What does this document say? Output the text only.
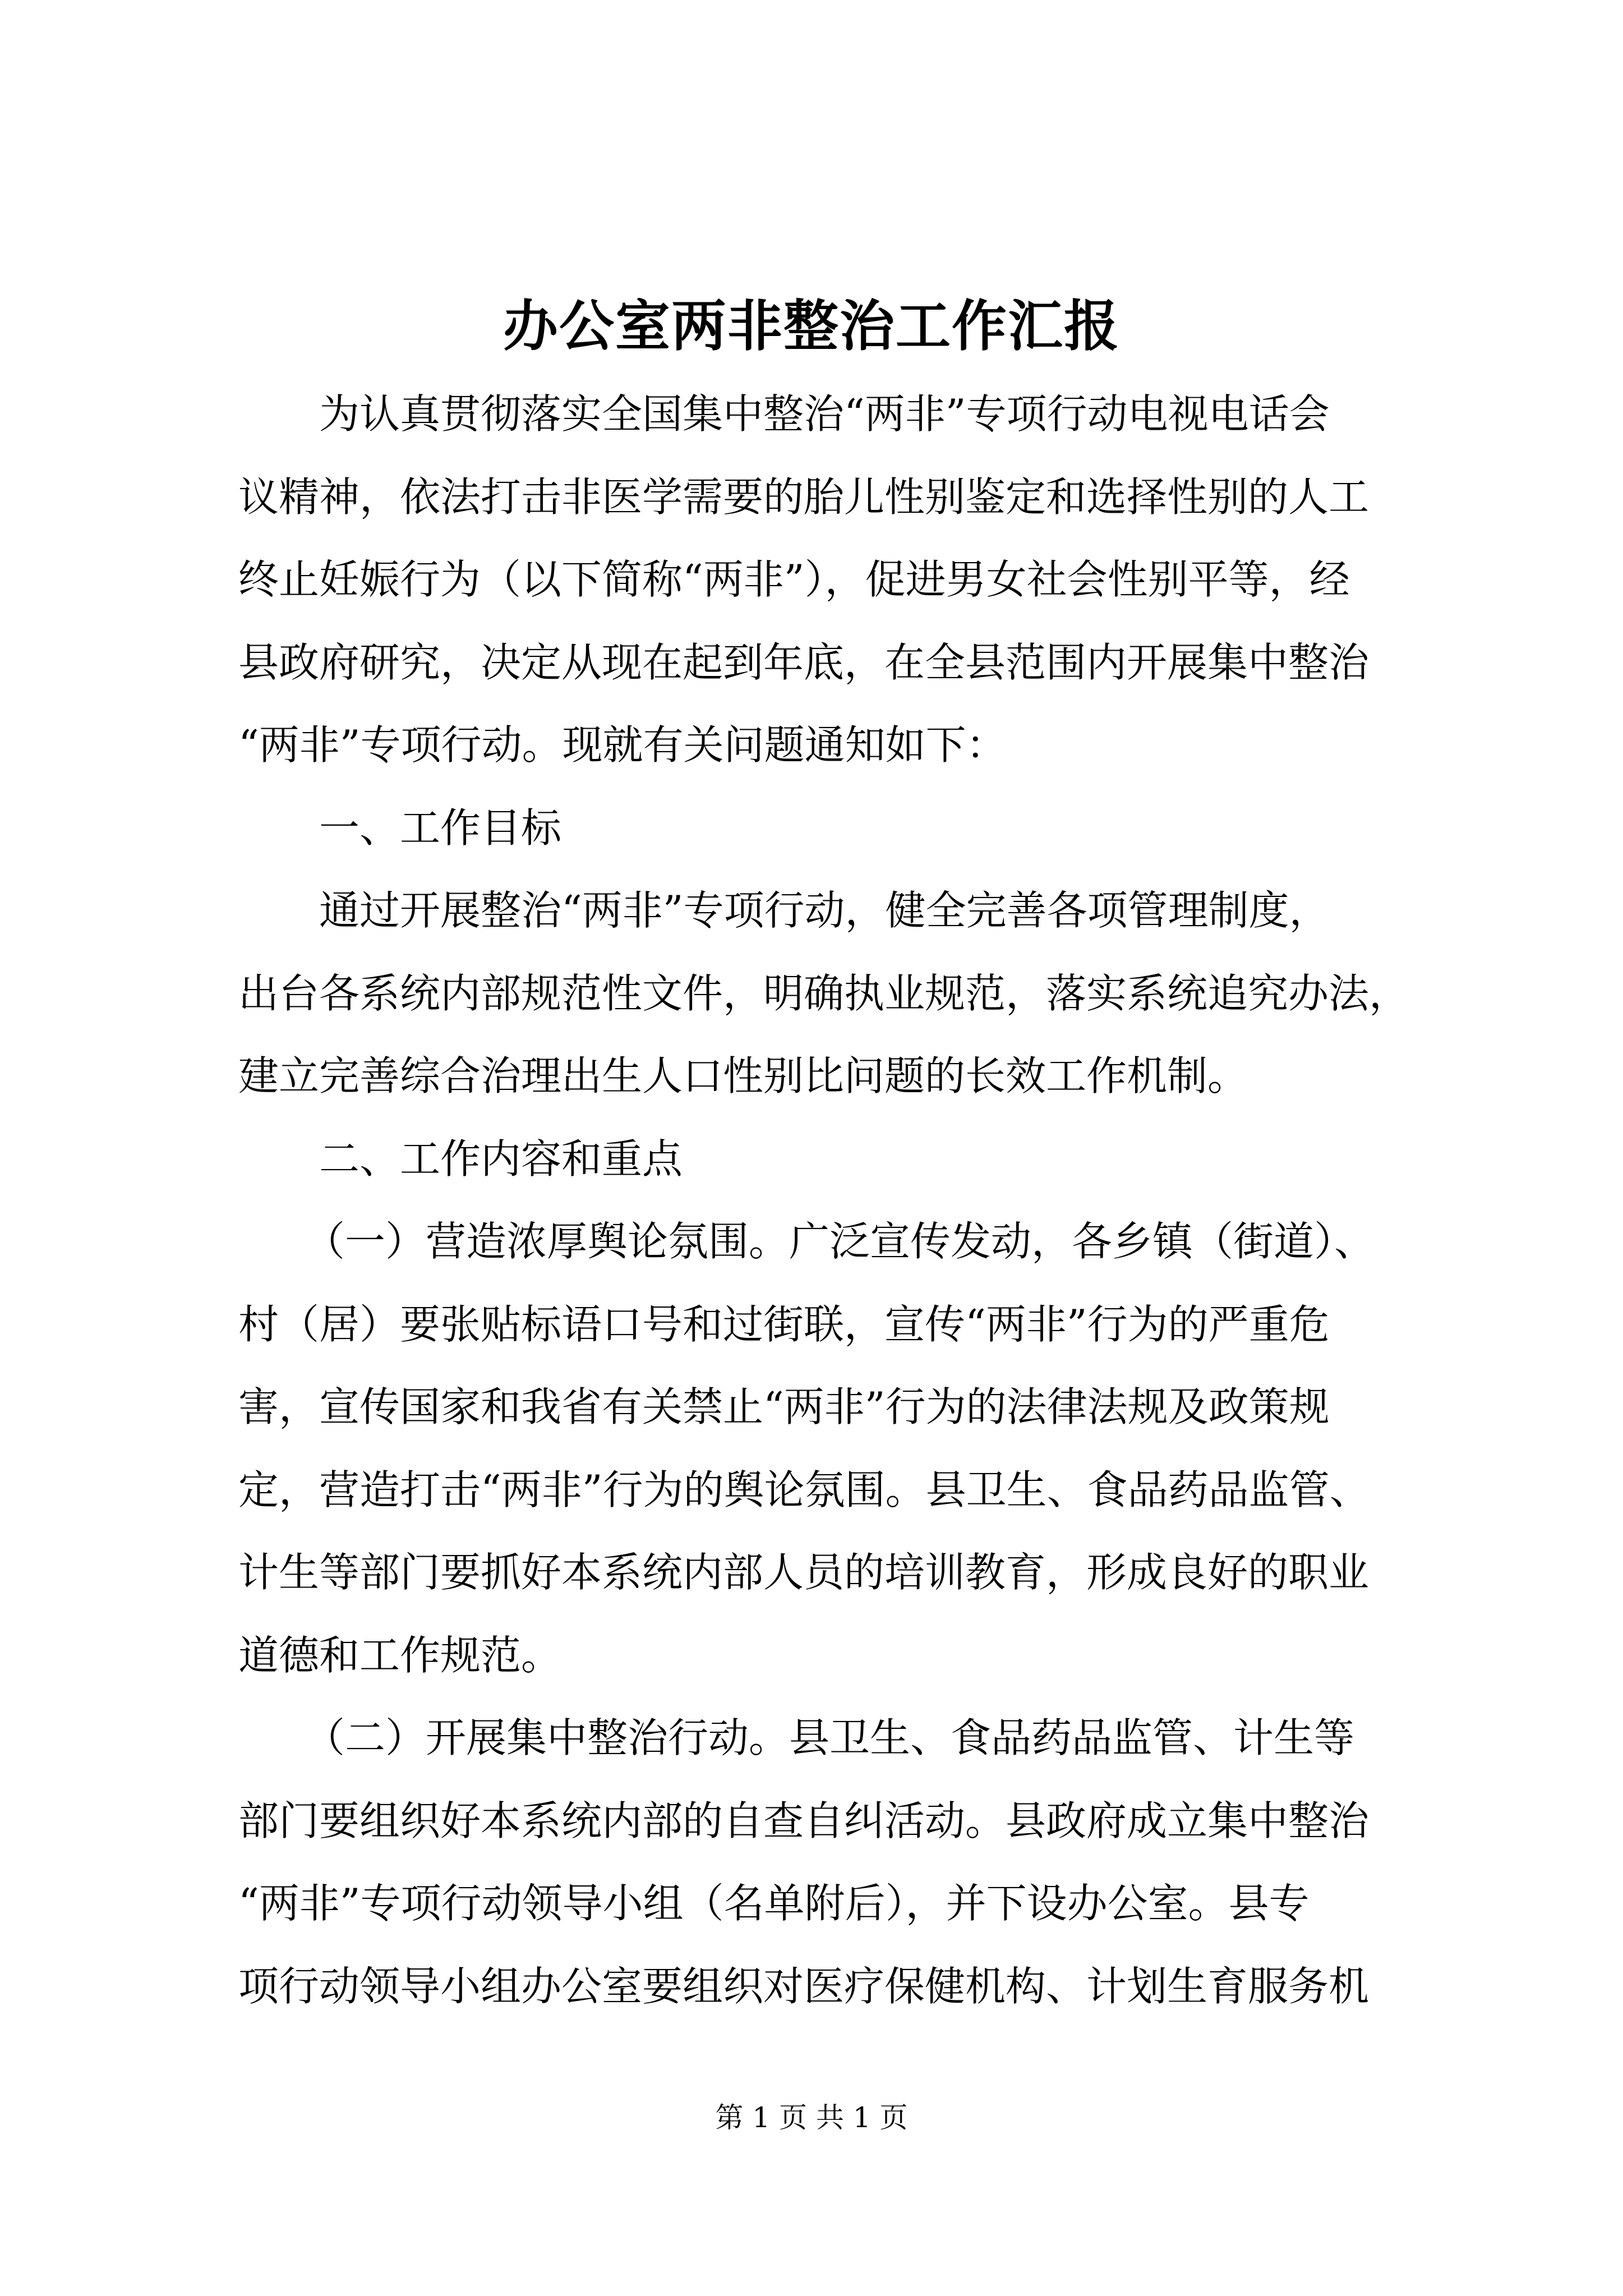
办公室两非整治工作汇报
为认真贯彻落实全国集中整治“两非”专项行动电视电话会
议精神，依法打击非医学需要的胎儿性别鉴定和选择性别的人工
终止妊娠行为（以下简称“两非”），促进男女社会性别平等，经
县政府研究，决定从现在起到年底，在全县范围内开展集中整治
“两非”专项行动。现就有关问题通知如下：
一、工作目标
通过开展整治“两非”专项行动，健全完善各项管理制度，
出台各系统内部规范性文件，明确执业规范，落实系统追究办法，
建立完善综合治理出生人口性别比问题的长效工作机制。
二、工作内容和重点
（一）营造浓厚舆论氛围。广泛宣传发动，各乡镇（街道）、
村（居）要张贴标语口号和过街联，宣传“两非”行为的严重危
害，宣传国家和我省有关禁止“两非”行为的法律法规及政策规
定，营造打击“两非”行为的舆论氛围。县卫生、食品药品监管、
计生等部门要抓好本系统内部人员的培训教育，形成良好的职业
道德和工作规范。
（二）开展集中整治行动。县卫生、食品药品监管、计生等
部门要组织好本系统内部的自查自纠活动。县政府成立集中整治
“两非”专项行动领导小组（名单附后），并下设办公室。县专
项行动领导小组办公室要组织对医疗保健机构、计划生育服务机
第 1 页 共 1 页
